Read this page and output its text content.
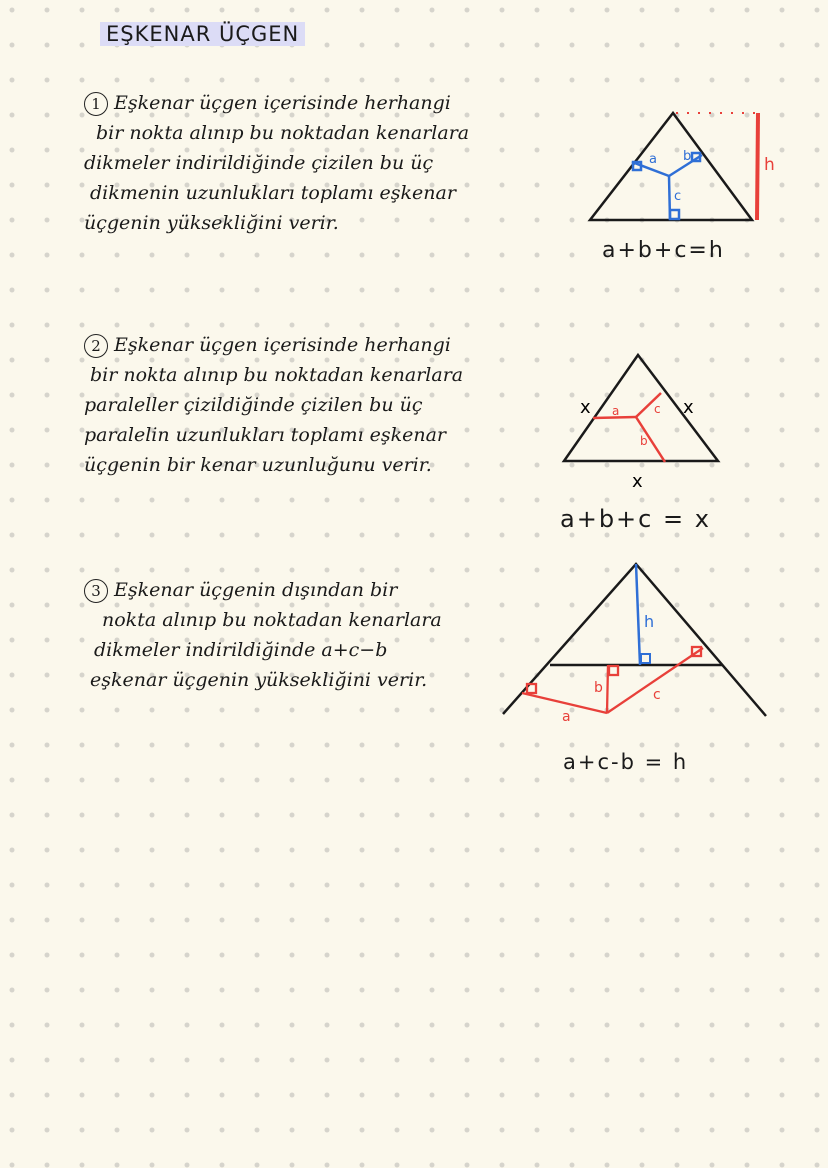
EŞKENAR ÜÇGEN
1 Eşkenar üçgen içerisinde herhangi
bir nokta alınıp bu noktadan kenarlara
dikmeler indirildiğinde çizilen bu üç
dikmenin uzunlukları toplamı eşkenar
üçgenin yüksekliğini verir.
a b
c
h
a+b+c=h
2 Eşkenar üçgen içerisinde herhangi
bir nokta alınıp bu noktadan kenarlara
paraleller çizildiğinde çizilen bu üç
paralelin uzunlukları toplamı eşkenar
üçgenin bir kenar uzunluğunu verir.
a	c
b
x	x
x
a+b+c = x
3 Eşkenar üçgenin dışından bir
nokta alınıp bu noktadan kenarlara
dikmeler indirildiğinde a+c−b
eşkenar üçgenin yüksekliğini verir.
h
a
b	c
a+c-b = h
